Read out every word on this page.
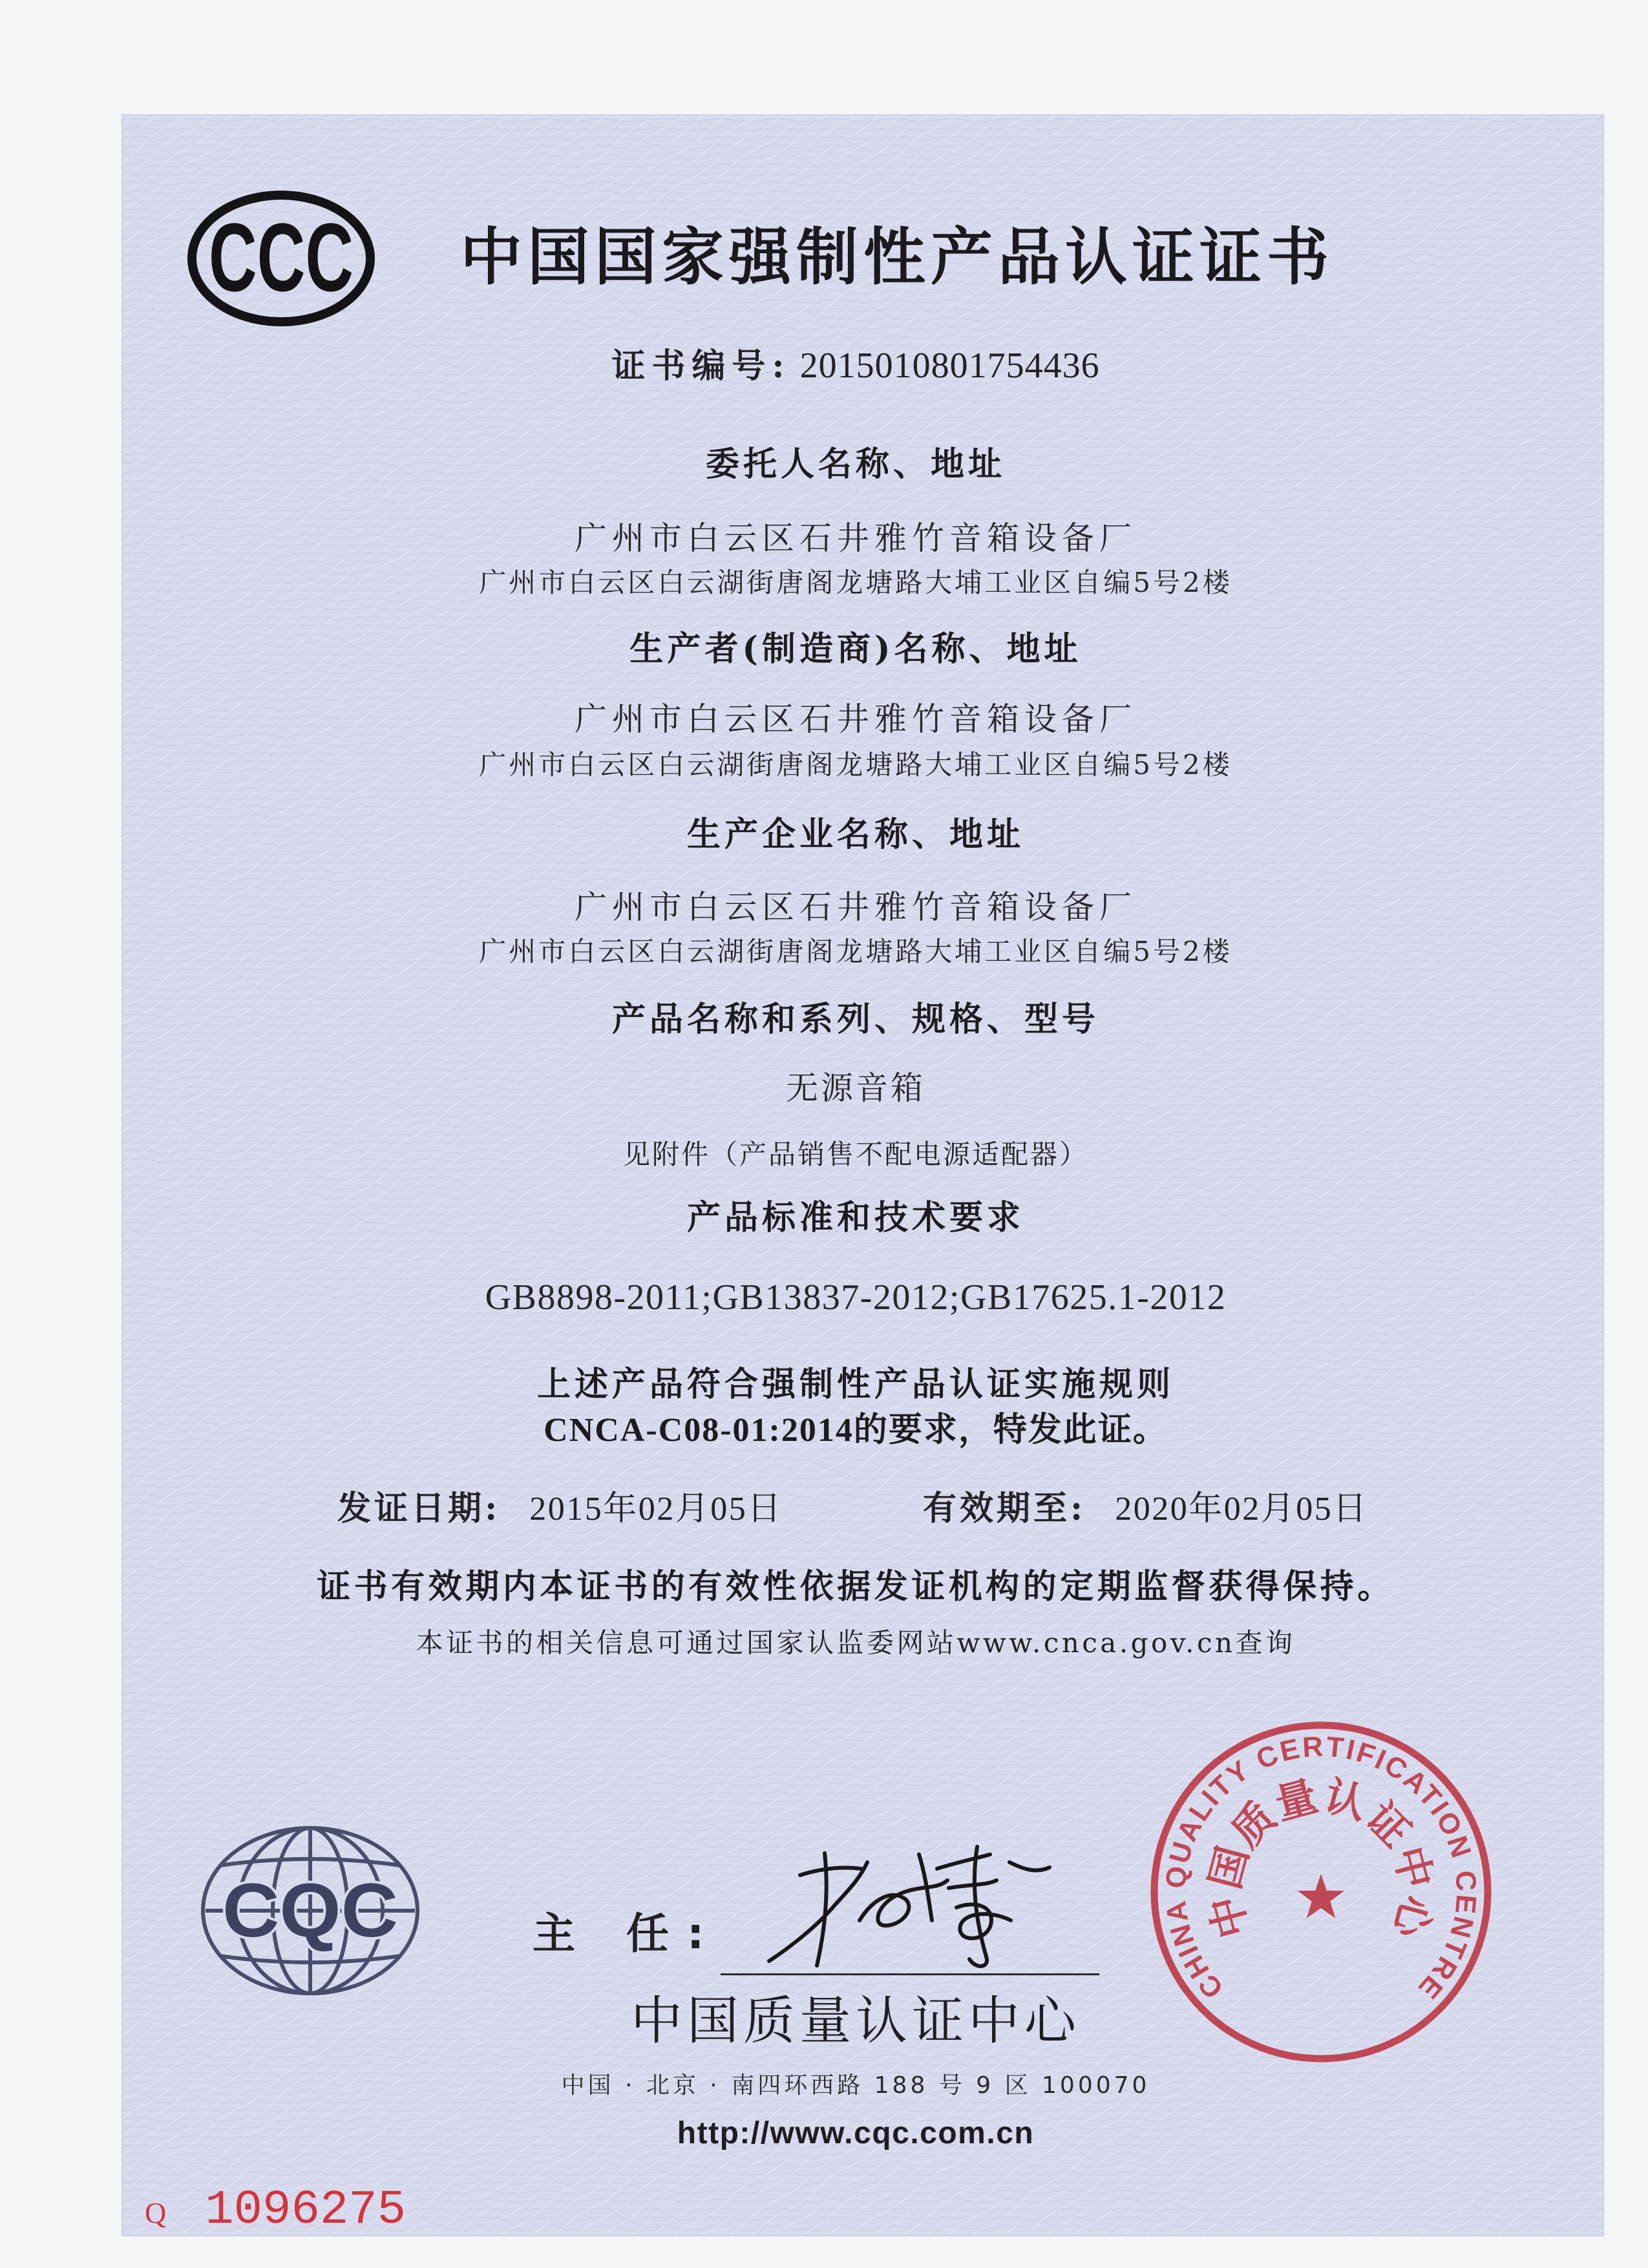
CCC 中国国家强制性产品认证证书
证书编号: 2015010801754436
委托人名称、地址
广州市白云区石井雅竹音箱设备厂
广州市白云区白云湖街唐阁龙塘路大埔工业区自编5号2楼
生产者(制造商)名称、地址
广州市白云区石井雅竹音箱设备厂
广州市白云区白云湖街唐阁龙塘路大埔工业区自编5号2楼
生产企业名称、地址
广州市白云区石井雅竹音箱设备厂
广州市白云区白云湖街唐阁龙塘路大埔工业区自编5号2楼
产品名称和系列、规格、型号
无源音箱
见附件（产品销售不配电源适配器）
产品标准和技术要求
GB8898-2011;GB13837-2012;GB17625.1-2012
上述产品符合强制性产品认证实施规则
CNCA-C08-01:2014的要求，特发此证。
发证日期: 2015年02月05日	有效期至: 2020年02月05日
证书有效期内本证书的有效性依据发证机构的定期监督获得保持。
本证书的相关信息可通过国家认监委网站www.cnca.gov.cn查询
CQC	主 任:
中国质量认证中心
中国 · 北京 · 南四环西路 188 号 9 区 100070
http://www.cqc.com.cn
CHINA QUALITY CERTIFICATION CENTRE
中国质量认证中心
Q 1096275
